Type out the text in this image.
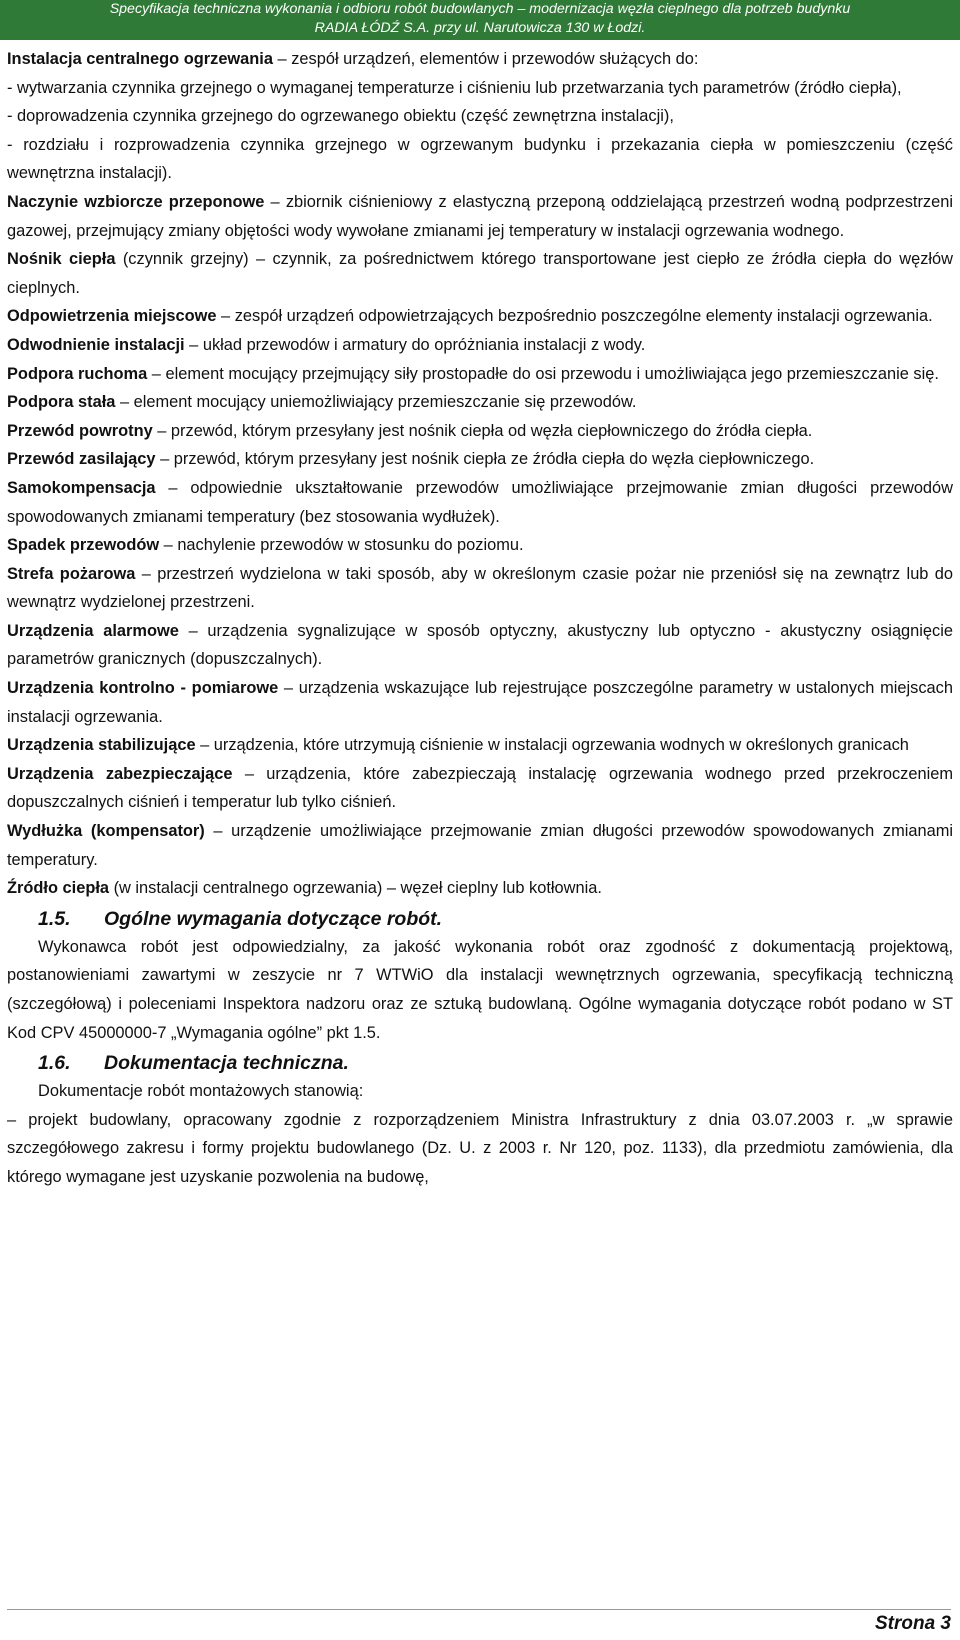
Specyfikacja techniczna wykonania i odbioru robót budowlanych – modernizacja węzła cieplnego dla potrzeb budynku
RADIA ŁÓDŹ S.A. przy ul. Narutowicza 130 w Łodzi.

Instalacja centralnego ogrzewania – zespół urządzeń, elementów i przewodów służących do:

- wytwarzania czynnika grzejnego o wymaganej temperaturze i ciśnieniu lub przetwarzania tych parametrów (źródło ciepła),

- doprowadzenia czynnika grzejnego do ogrzewanego obiektu (część zewnętrzna instalacji),

- rozdziału i rozprowadzenia czynnika grzejnego w ogrzewanym budynku i przekazania ciepła w pomieszczeniu (część wewnętrzna instalacji).

Naczynie wzbiorcze przeponowe – zbiornik ciśnieniowy z elastyczną przeponą oddzielającą przestrzeń wodną podprzestrzeni gazowej, przejmujący zmiany objętości wody wywołane zmianami jej temperatury w instalacji ogrzewania wodnego.

Nośnik ciepła (czynnik grzejny) – czynnik, za pośrednictwem którego transportowane jest ciepło ze źródła ciepła do węzłów cieplnych.

Odpowietrzenia miejscowe – zespół urządzeń odpowietrzających bezpośrednio poszczególne elementy instalacji ogrzewania.

Odwodnienie instalacji – układ przewodów i armatury do opróżniania instalacji z wody.

Podpora ruchoma – element mocujący przejmujący siły prostopadłe do osi przewodu i umożliwiająca jego przemieszczanie się.

Podpora stała – element mocujący uniemożliwiający przemieszczanie się przewodów.

Przewód powrotny – przewód, którym przesyłany jest nośnik ciepła od węzła ciepłowniczego do źródła ciepła.

Przewód zasilający – przewód, którym przesyłany jest nośnik ciepła ze źródła ciepła do węzła ciepłowniczego.

Samokompensacja – odpowiednie ukształtowanie przewodów umożliwiające przejmowanie zmian długości przewodów spowodowanych zmianami temperatury (bez stosowania wydłużek).

Spadek przewodów – nachylenie przewodów w stosunku do poziomu.

Strefa pożarowa – przestrzeń wydzielona w taki sposób, aby w określonym czasie pożar nie przeniósł się na zewnątrz lub do wewnątrz wydzielonej przestrzeni.

Urządzenia alarmowe – urządzenia sygnalizujące w sposób optyczny, akustyczny lub optyczno - akustyczny osiągnięcie parametrów granicznych (dopuszczalnych).

Urządzenia kontrolno - pomiarowe – urządzenia wskazujące lub rejestrujące poszczególne parametry w ustalonych miejscach instalacji ogrzewania.

Urządzenia stabilizujące – urządzenia, które utrzymują ciśnienie w instalacji ogrzewania wodnych w określonych granicach

Urządzenia zabezpieczające – urządzenia, które zabezpieczają instalację ogrzewania wodnego przed przekroczeniem dopuszczalnych ciśnień i temperatur lub tylko ciśnień.

Wydłużka (kompensator) – urządzenie umożliwiające przejmowanie zmian długości przewodów spowodowanych zmianami temperatury.

Źródło ciepła (w instalacji centralnego ogrzewania) – węzeł cieplny lub kotłownia.

1.5. Ogólne wymagania dotyczące robót.

Wykonawca robót jest odpowiedzialny, za jakość wykonania robót oraz zgodność z dokumentacją projektową, postanowieniami zawartymi w zeszycie nr 7 WTWiO dla instalacji wewnętrznych ogrzewania, specyfikacją techniczną (szczegółową) i poleceniami Inspektora nadzoru oraz ze sztuką budowlaną. Ogólne wymagania dotyczące robót podano w ST Kod CPV 45000000-7 „Wymagania ogólne” pkt 1.5.

1.6. Dokumentacja techniczna.

Dokumentacje robót montażowych stanowią:

– projekt budowlany, opracowany zgodnie z rozporządzeniem Ministra Infrastruktury z dnia 03.07.2003 r. „w sprawie szczegółowego zakresu i formy projektu budowlanego (Dz. U. z 2003 r. Nr 120, poz. 1133), dla przedmiotu zamówienia, dla którego wymagane jest uzyskanie pozwolenia na budowę,

Strona 3
